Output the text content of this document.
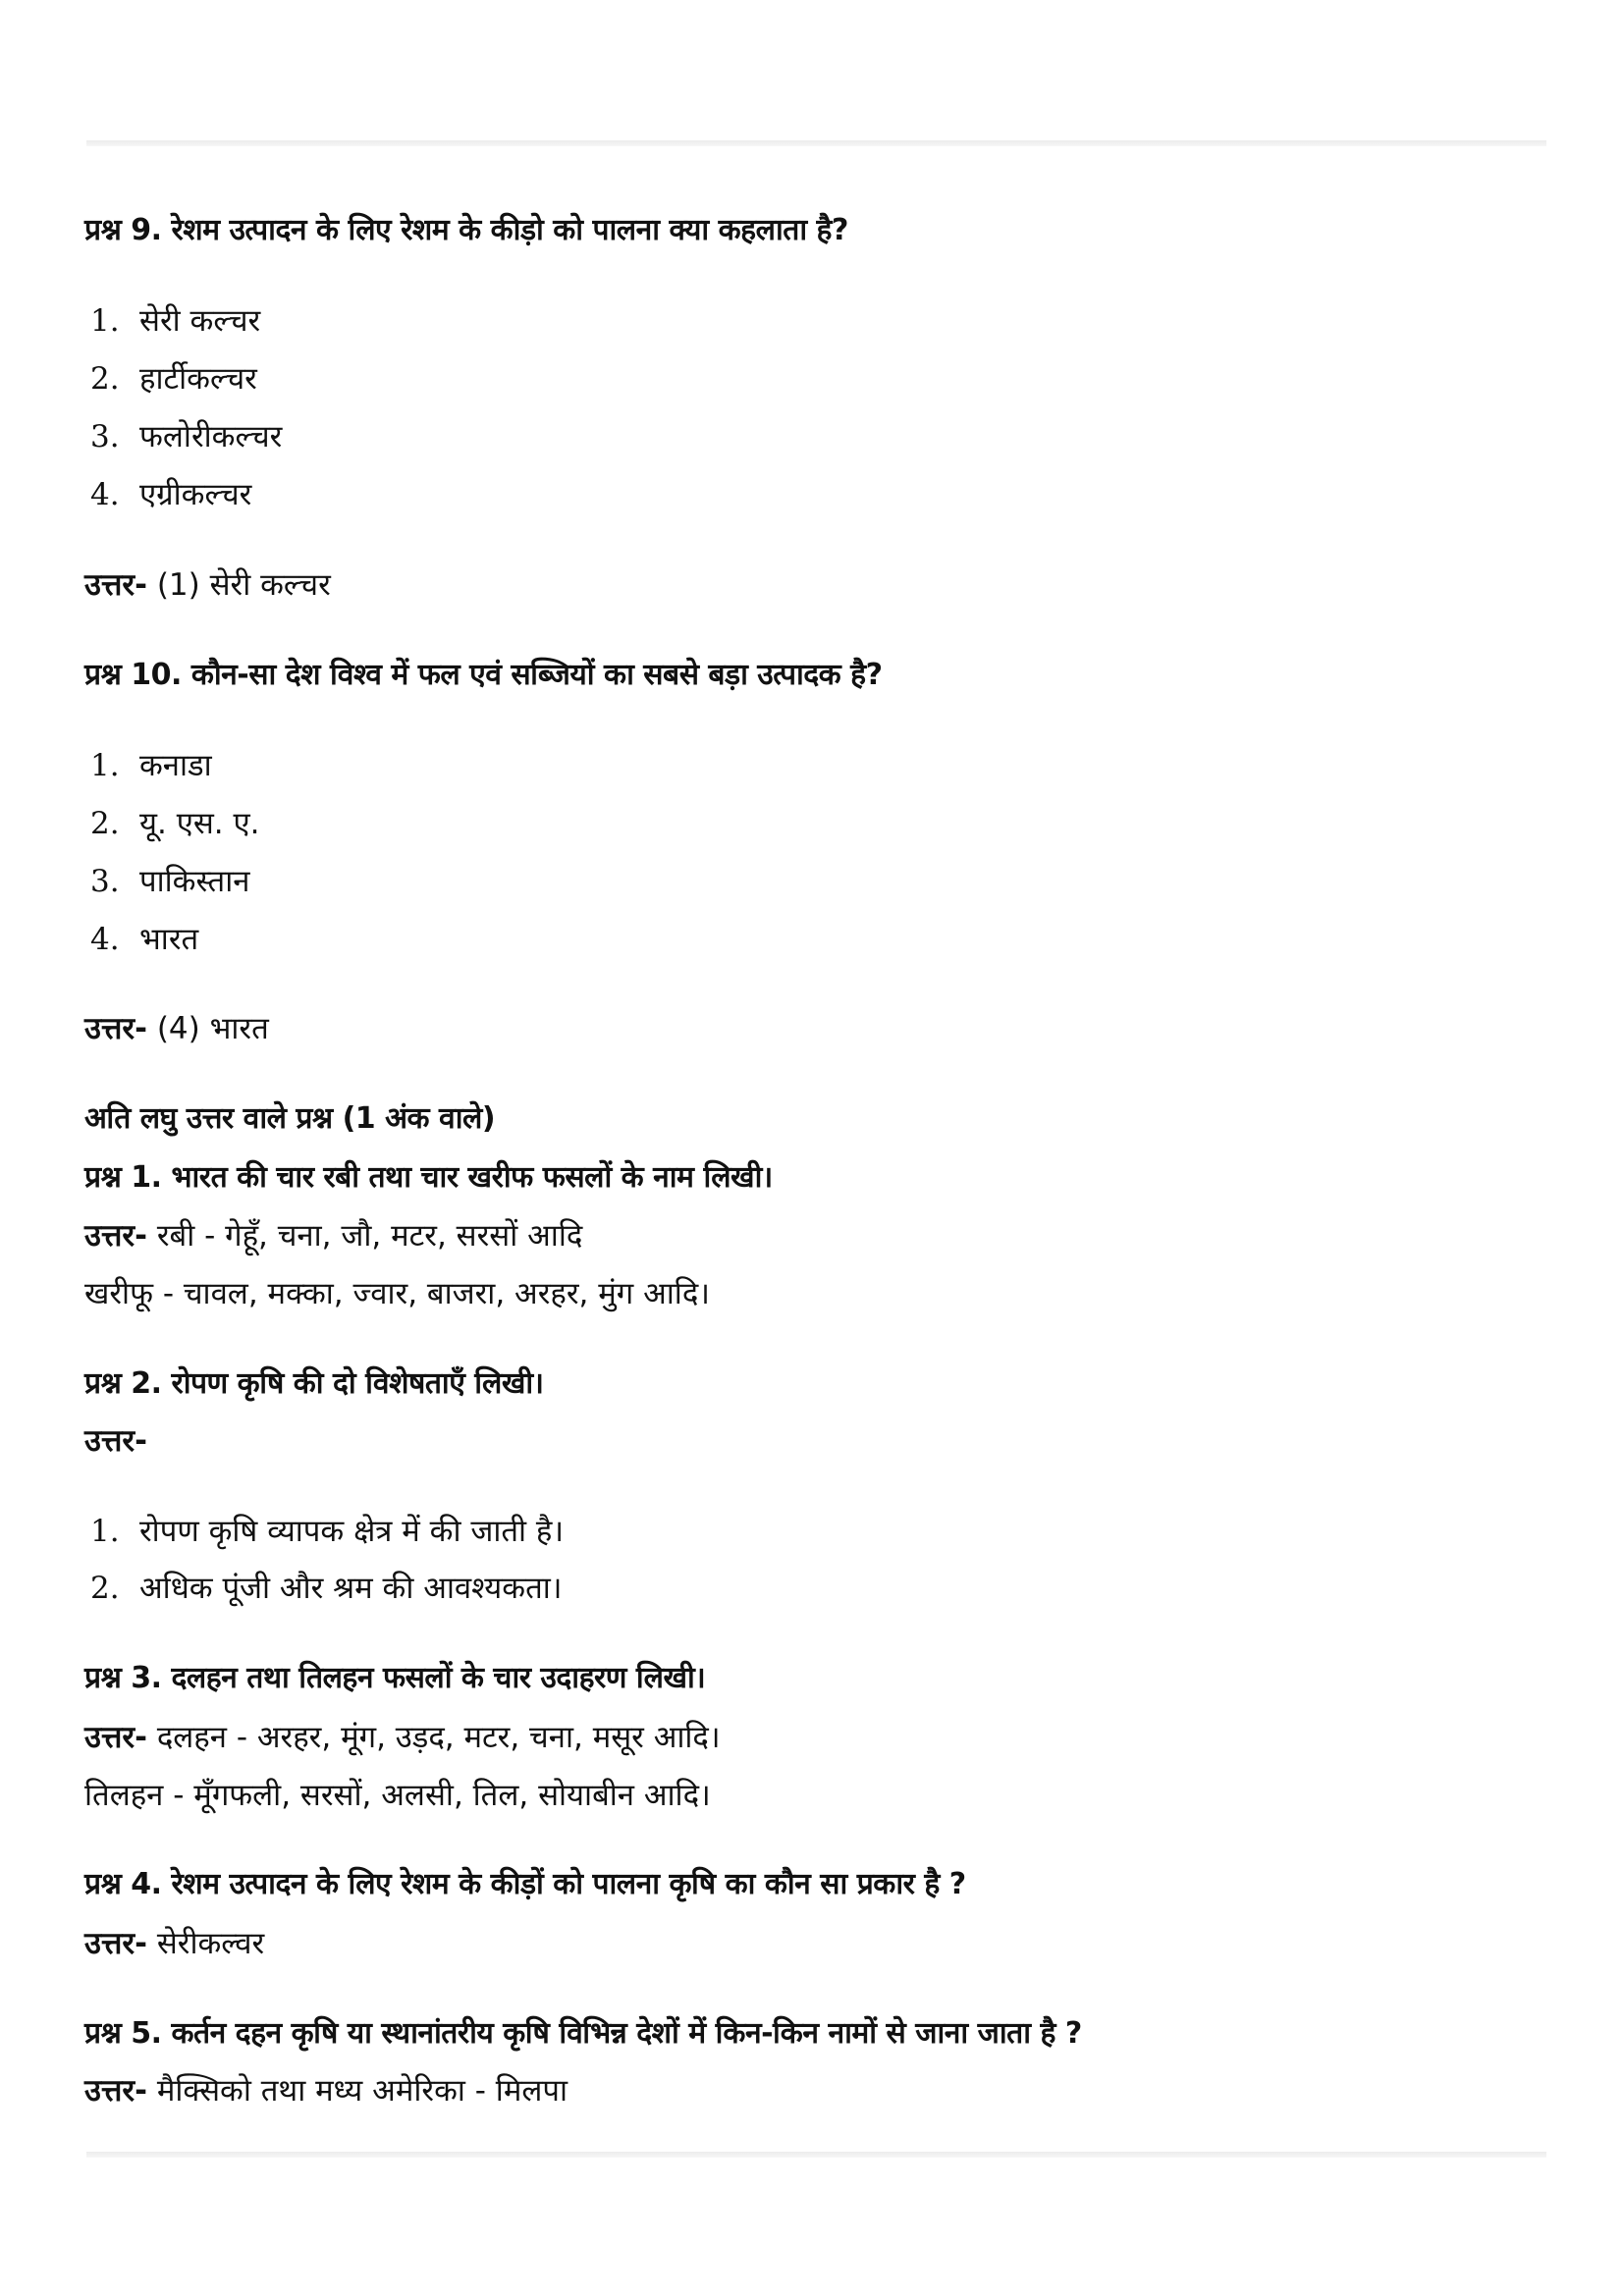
प्रश्न 9. रेशम उत्पादन के लिए रेशम के कीड़ो को पालना क्या कहलाता है?
1. सेरी कल्चर
2. हार्टीकल्चर
3. फलोरीकल्चर
4. एग्रीकल्चर
उत्तर- (1) सेरी कल्चर
प्रश्न 10. कौन-सा देश विश्व में फल एवं सब्जियों का सबसे बड़ा उत्पादक है?
1. कनाडा
2. यू. एस. ए.
3. पाकिस्तान
4. भारत
उत्तर- (4) भारत
अति लघु उत्तर वाले प्रश्न (1 अंक वाले)
प्रश्न 1. भारत की चार रबी तथा चार खरीफ फसलों के नाम लिखी।
उत्तर- रबी - गेहूँ, चना, जौ, मटर, सरसों आदि
खरीफू - चावल, मक्का, ज्वार, बाजरा, अरहर, मुंग आदि।
प्रश्न 2. रोपण कृषि की दो विशेषताएँ लिखी।
उत्तर-
1. रोपण कृषि व्यापक क्षेत्र में की जाती है।
2. अधिक पूंजी और श्रम की आवश्यकता।
प्रश्न 3. दलहन तथा तिलहन फसलों के चार उदाहरण लिखी।
उत्तर- दलहन - अरहर, मूंग, उड़द, मटर, चना, मसूर आदि।
तिलहन - मूँगफली, सरसों, अलसी, तिल, सोयाबीन आदि।
प्रश्न 4. रेशम उत्पादन के लिए रेशम के कीड़ों को पालना कृषि का कौन सा प्रकार है ?
उत्तर- सेरीकल्वर
प्रश्न 5. कर्तन दहन कृषि या स्थानांतरीय कृषि विभिन्न देशों में किन-किन नामों से जाना जाता है ?
उत्तर- मैक्सिको तथा मध्य अमेरिका - मिलपा
